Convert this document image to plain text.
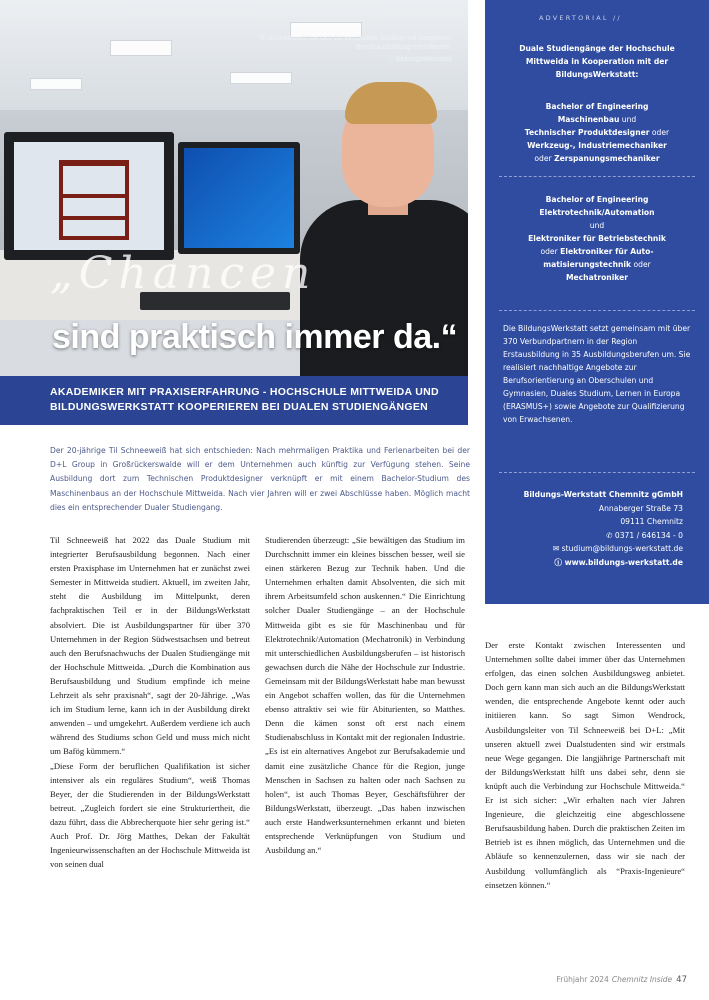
Til Schneeweiß hat sich für ein Duales Studium mit integrierter Berufsausbildung entschieden.
ⓘ BildungsWerkstatt
„Chancen
sind praktisch immer da.“
AKADEMIKER MIT PRAXISERFAHRUNG - HOCHSCHULE MITTWEIDA UND BILDUNGSWERKSTATT KOOPERIEREN BEI DUALEN STUDIENGÄNGEN
ADVERTORIAL //
Duale Studiengänge der Hochschule
Mittweida in Kooperation mit der
BildungsWerkstatt:
Bachelor of Engineering
Maschinenbau und
Technischer Produktdesigner oder
Werkzeug-, Industriemechaniker
oder Zerspanungsmechaniker
Bachelor of Engineering
Elektrotechnik/Automation
und
Elektroniker für Betriebstechnik
oder Elektroniker für Auto-
matisierungstechnik oder
Mechatroniker
Die BildungsWerkstatt setzt gemeinsam mit über 370 Verbundpartnern in der Region Erstausbildung in 35 Ausbildungsberufen um. Sie realisiert nachhaltige Angebote zur Berufsorientierung an Oberschulen und Gymnasien, Duales Studium, Lernen in Europa (ERASMUS+) sowie Angebote zur Qualifizierung von Erwachsenen.
Bildungs-Werkstatt Chemnitz gGmbH
Annaberger Straße 73
09111 Chemnitz
✆ 0371 / 646134 - 0
✉ studium@bildungs-werkstatt.de
ⓘ www.bildungs-werkstatt.de
Der 20-jährige Til Schneeweiß hat sich entschieden: Nach mehrmaligen Praktika und Ferienarbeiten bei der D+L Group in Großrückerswalde will er dem Unternehmen auch künftig zur Verfügung stehen. Seine Ausbildung dort zum Technischen Produktdesigner verknüpft er mit einem Bachelor-Studium des Maschinenbaus an der Hochschule Mittweida. Nach vier Jahren will er zwei Abschlüsse haben. Möglich macht dies ein entsprechender Dualer Studiengang.

Til Schneeweiß hat 2022 das Duale Studium mit integrierter Berufsausbildung begonnen. Nach einer ersten Praxisphase im Unternehmen hat er zunächst zwei Semester in Mittweida studiert. Aktuell, im zweiten Jahr, steht die Ausbildung im Mittelpunkt, deren fachpraktischen Teil er in der BildungsWerkstatt absolviert. Die ist Ausbildungspartner für über 370 Unternehmen in der Region Südwestsachsen und betreut auch den Berufsnachwuchs der Dualen Studiengänge mit der Hochschule Mittweida. „Durch die Kombination aus Berufsausbildung und Studium empfinde ich meine Lehrzeit als sehr praxisnah“, sagt der 20-Jährige. „Was ich im Studium lerne, kann ich in der Ausbildung direkt anwenden – und umgekehrt. Außerdem verdiene ich auch während des Studiums schon Geld und muss mich nicht um Bafög kümmern.“

„Diese Form der beruflichen Qualifikation ist sicher intensiver als ein reguläres Studium“, weiß Thomas Beyer, der die Studierenden in der BildungsWerkstatt betreut. „Zugleich fordert sie eine Strukturiertheit, die dazu führt, dass die Abbrecherquote hier sehr gering ist.“ Auch Prof. Dr. Jörg Matthes, Dekan der Fakultät Ingenieurwissenschaften an der Hochschule Mittweida ist von seinen dual

Studierenden überzeugt: „Sie bewältigen das Studium im Durchschnitt immer ein kleines bisschen besser, weil sie einen stärkeren Bezug zur Technik haben. Und die Unternehmen erhalten damit Absolventen, die sich mit ihrem Arbeitsumfeld schon auskennen.“ Die Einrichtung solcher Dualer Studiengänge – an der Hochschule Mittweida gibt es sie für Maschinenbau und für Elektrotechnik/Automation (Mechatronik) in Verbindung mit unterschiedlichen Ausbildungsberufen – ist historisch gewachsen durch die Nähe der Hochschule zur Industrie. Gemeinsam mit der BildungsWerkstatt habe man bewusst ein Angebot schaffen wollen, das für die Unternehmen ebenso attraktiv sei wie für Abiturienten, so Matthes. Denn die kämen sonst oft erst nach einem Studienabschluss in Kontakt mit der regionalen Industrie. „Es ist ein alternatives Angebot zur Berufsakademie und damit eine zusätzliche Chance für die Region, junge Menschen in Sachsen zu halten oder nach Sachsen zu holen“, ist auch Thomas Beyer, Geschäftsführer der BildungsWerkstatt, überzeugt. „Das haben inzwischen auch erste Handwerksunternehmen erkannt und bieten entsprechende Verknüpfungen von Studium und Ausbildung an.“

Der erste Kontakt zwischen Interessenten und Unternehmen sollte dabei immer über das Unternehmen erfolgen, das einen solchen Ausbildungsweg anbietet. Doch gern kann man sich auch an die BildungsWerkstatt wenden, die entsprechende Angebote kennt oder auch initiieren kann. So sagt Simon Wendrock, Ausbildungsleiter von Til Schneeweiß bei D+L: „Mit unseren aktuell zwei Dualstudenten sind wir erstmals neue Wege gegangen. Die langjährige Partnerschaft mit der BildungsWerkstatt hilft uns dabei sehr, denn sie knüpft auch die Verbindung zur Hochschule Mittweida.“ Er ist sich sicher: „Wir erhalten nach vier Jahren Ingenieure, die gleichzeitig eine abgeschlossene Berufsausbildung haben. Durch die praktischen Zeiten im Betrieb ist es ihnen möglich, das Unternehmen und die Abläufe so kennenzulernen, dass wir sie nach der Ausbildung vollumfänglich als “Praxis-Ingenieure“ einsetzen können.“

Frühjahr 2024 Chemnitz Inside 47
